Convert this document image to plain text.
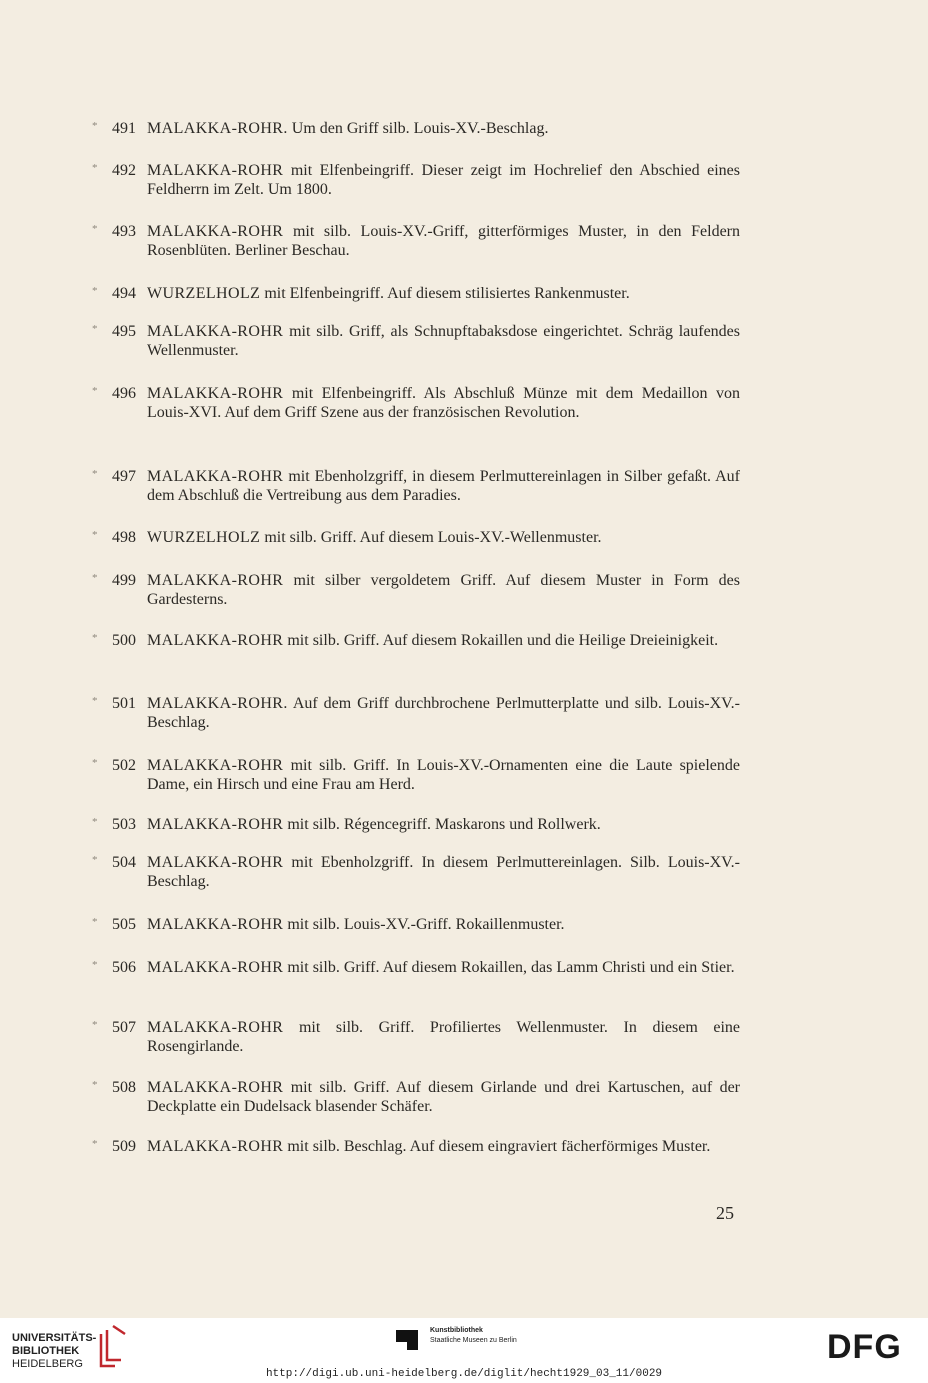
* 491 MALAKKA-ROHR. Um den Griff silb. Louis-XV.-Beschlag.
* 492 MALAKKA-ROHR mit Elfenbeingriff. Dieser zeigt im Hochrelief den Abschied eines Feldherrn im Zelt. Um 1800.
* 493 MALAKKA-ROHR mit silb. Louis-XV.-Griff, gitterförmiges Muster, in den Feldern Rosenblüten. Berliner Beschau.
* 494 WURZELHOLZ mit Elfenbeingriff. Auf diesem stilisiertes Rankenmuster.
* 495 MALAKKA-ROHR mit silb. Griff, als Schnupftabaksdose eingerichtet. Schräg laufendes Wellenmuster.
* 496 MALAKKA-ROHR mit Elfenbeingriff. Als Abschluß Münze mit dem Medaillon von Louis-XVI. Auf dem Griff Szene aus der französischen Revolution.
* 497 MALAKKA-ROHR mit Ebenholzgriff, in diesem Perlmuttereinlagen in Silber gefaßt. Auf dem Abschluß die Vertreibung aus dem Paradies.
* 498 WURZELHOLZ mit silb. Griff. Auf diesem Louis-XV.-Wellenmuster.
* 499 MALAKKA-ROHR mit silber vergoldetem Griff. Auf diesem Muster in Form des Gardesterns.
* 500 MALAKKA-ROHR mit silb. Griff. Auf diesem Rokaillen und die Heilige Dreieinigkeit.
* 501 MALAKKA-ROHR. Auf dem Griff durchbrochene Perlmutterplatte und silb. Louis-XV.-Beschlag.
* 502 MALAKKA-ROHR mit silb. Griff. In Louis-XV.-Ornamenten eine die Laute spielende Dame, ein Hirsch und eine Frau am Herd.
* 503 MALAKKA-ROHR mit silb. Régencegriff. Maskarons und Rollwerk.
* 504 MALAKKA-ROHR mit Ebenholzgriff. In diesem Perlmuttereinlagen. Silb. Louis-XV.-Beschlag.
* 505 MALAKKA-ROHR mit silb. Louis-XV.-Griff. Rokaillenmuster.
* 506 MALAKKA-ROHR mit silb. Griff. Auf diesem Rokaillen, das Lamm Christi und ein Stier.
* 507 MALAKKA-ROHR mit silb. Griff. Profiliertes Wellenmuster. In diesem eine Rosengirlande.
* 508 MALAKKA-ROHR mit silb. Griff. Auf diesem Girlande und drei Kartuschen, auf der Deckplatte ein Dudelsack blasender Schäfer.
* 509 MALAKKA-ROHR mit silb. Beschlag. Auf diesem eingraviert fächerförmiges Muster.
25
UNIVERSITÄTS-
BIBLIOTHEK
HEIDELBERG
Kunstbibliothek
Staatliche Museen zu Berlin	DFG
http://digi.ub.uni-heidelberg.de/diglit/hecht1929_03_11/0029
